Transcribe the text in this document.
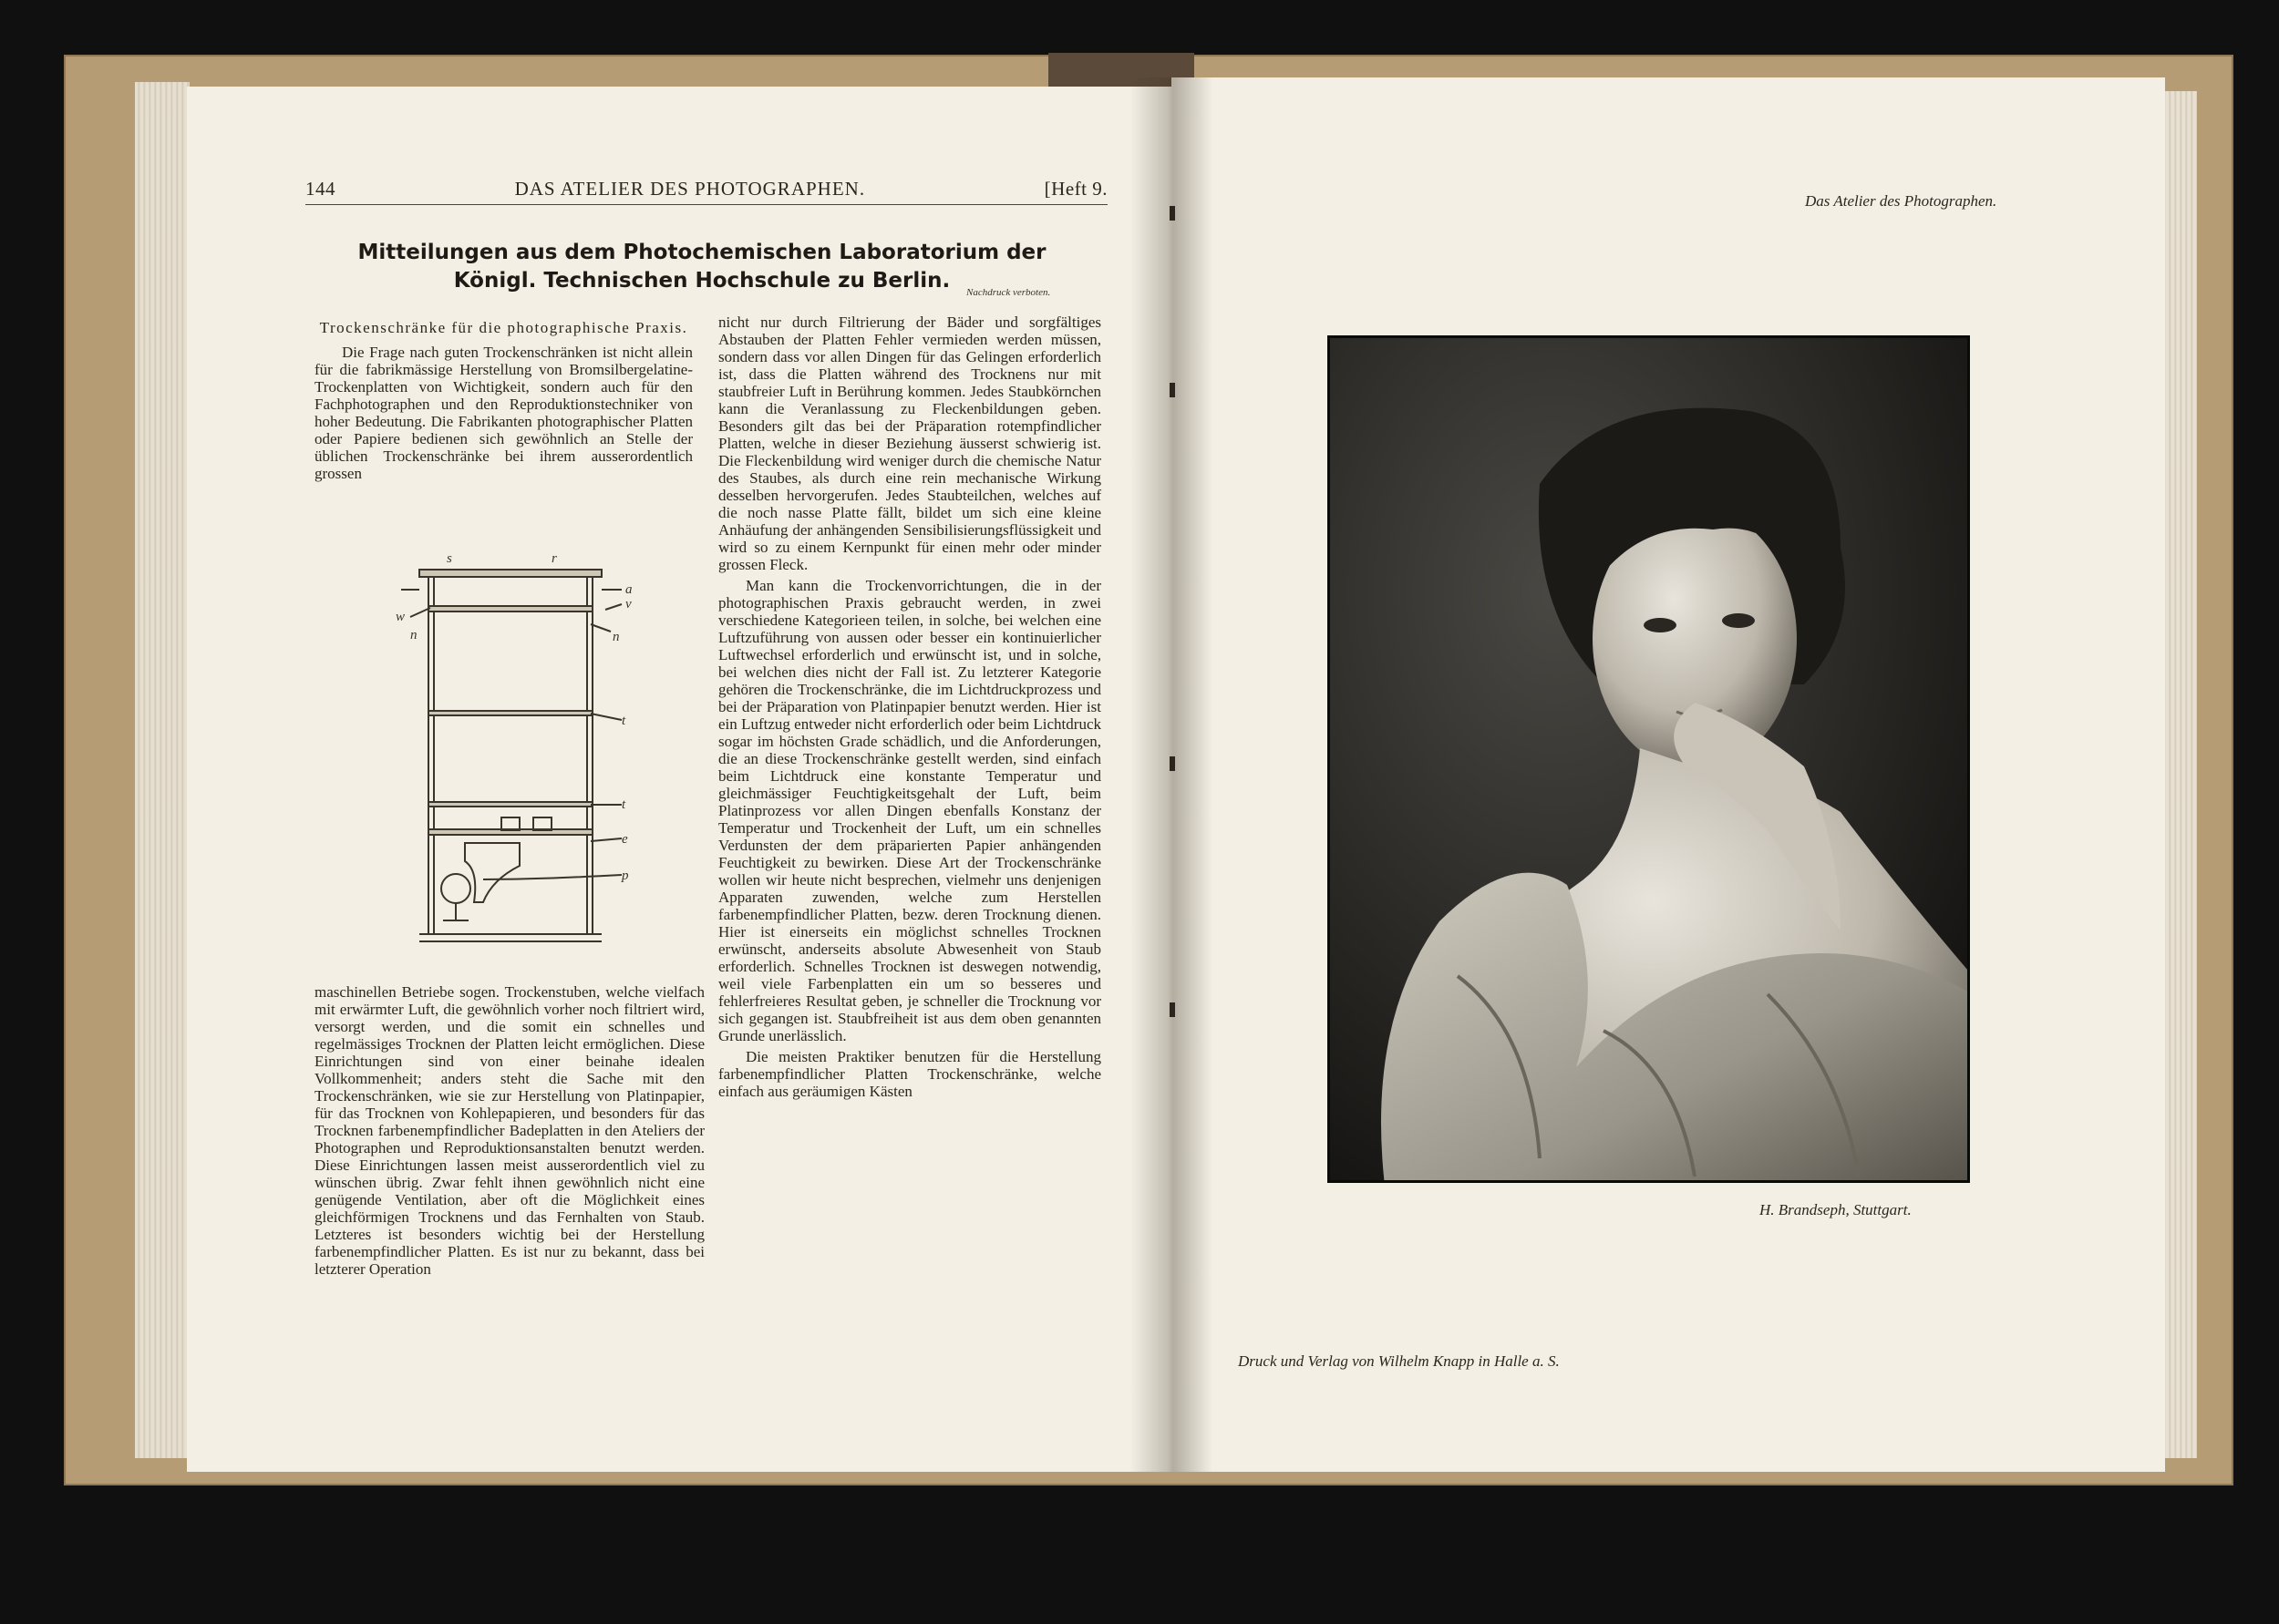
144	DAS ATELIER DES PHOTOGRAPHEN.	[Heft 9.
Mitteilungen aus dem Photochemischen Laboratorium der
Königl. Technischen Hochschule zu Berlin.	Nachdruck verboten.

Trockenschränke für die photographische Praxis.

Die Frage nach guten Trockenschränken ist nicht allein für die fabrikmässige Herstellung von Bromsilbergelatine-Trockenplatten von Wichtigkeit, sondern auch für den Fachphotographen und den Reproduktionstechniker von hoher Bedeutung. Die Fabrikanten photographischer Platten oder Papiere bedienen sich gewöhnlich an Stelle der üblichen Trockenschränke bei ihrem ausserordentlich grossen

s	r
a
v
w
n	n
t
t
e
p

maschinellen Betriebe sogen. Trockenstuben, welche vielfach mit erwärmter Luft, die gewöhnlich vorher noch filtriert wird, versorgt werden, und die somit ein schnelles und regelmässiges Trocknen der Platten leicht ermöglichen. Diese Einrichtungen sind von einer beinahe idealen Vollkommenheit; anders steht die Sache mit den Trockenschränken, wie sie zur Herstellung von Platinpapier, für das Trocknen von Kohlepapieren, und besonders für das Trocknen farbenempfindlicher Badeplatten in den Ateliers der Photographen und Reproduktionsanstalten benutzt werden. Diese Einrichtungen lassen meist ausserordentlich viel zu wünschen übrig. Zwar fehlt ihnen gewöhnlich nicht eine genügende Ventilation, aber oft die Möglichkeit eines gleichförmigen Trocknens und das Fernhalten von Staub. Letzteres ist besonders wichtig bei der Herstellung farbenempfindlicher Platten. Es ist nur zu bekannt, dass bei letzterer Operation

nicht nur durch Filtrierung der Bäder und sorgfältiges Abstauben der Platten Fehler vermieden werden müssen, sondern dass vor allen Dingen für das Gelingen erforderlich ist, dass die Platten während des Trocknens nur mit staubfreier Luft in Berührung kommen. Jedes Staubkörnchen kann die Veranlassung zu Fleckenbildungen geben. Besonders gilt das bei der Präparation rotempfindlicher Platten, welche in dieser Beziehung äusserst schwierig ist. Die Fleckenbildung wird weniger durch die chemische Natur des Staubes, als durch eine rein mechanische Wirkung desselben hervorgerufen. Jedes Staubteilchen, welches auf die noch nasse Platte fällt, bildet um sich eine kleine Anhäufung der anhängenden Sensibilisierungsflüssigkeit und wird so zu einem Kernpunkt für einen mehr oder minder grossen Fleck.

Man kann die Trockenvorrichtungen, die in der photographischen Praxis gebraucht werden, in zwei verschiedene Kategorieen teilen, in solche, bei welchen eine Luftzuführung von aussen oder besser ein kontinuierlicher Luftwechsel erforderlich und erwünscht ist, und in solche, bei welchen dies nicht der Fall ist. Zu letzterer Kategorie gehören die Trockenschränke, die im Lichtdruckprozess und bei der Präparation von Platinpapier benutzt werden. Hier ist ein Luftzug entweder nicht erforderlich oder beim Lichtdruck sogar im höchsten Grade schädlich, und die Anforderungen, die an diese Trockenschränke gestellt werden, sind einfach beim Lichtdruck eine konstante Temperatur und gleichmässiger Feuchtigkeitsgehalt der Luft, beim Platinprozess vor allen Dingen ebenfalls Konstanz der Temperatur und Trockenheit der Luft, um ein schnelles Verdunsten der dem präparierten Papier anhängenden Feuchtigkeit zu bewirken. Diese Art der Trockenschränke wollen wir heute nicht besprechen, vielmehr uns denjenigen Apparaten zuwenden, welche zum Herstellen farbenempfindlicher Platten, bezw. deren Trocknung dienen. Hier ist einerseits ein möglichst schnelles Trocknen erwünscht, anderseits absolute Abwesenheit von Staub erforderlich. Schnelles Trocknen ist deswegen notwendig, weil viele Farbenplatten ein um so besseres und fehlerfreieres Resultat geben, je schneller die Trocknung vor sich gegangen ist. Staubfreiheit ist aus dem oben genannten Grunde unerlässlich.

Die meisten Praktiker benutzen für die Herstellung farbenempfindlicher Platten Trockenschränke, welche einfach aus geräumigen Kästen

Das Atelier des Photographen.
H. Brandseph, Stuttgart.
Druck und Verlag von Wilhelm Knapp in Halle a. S.
